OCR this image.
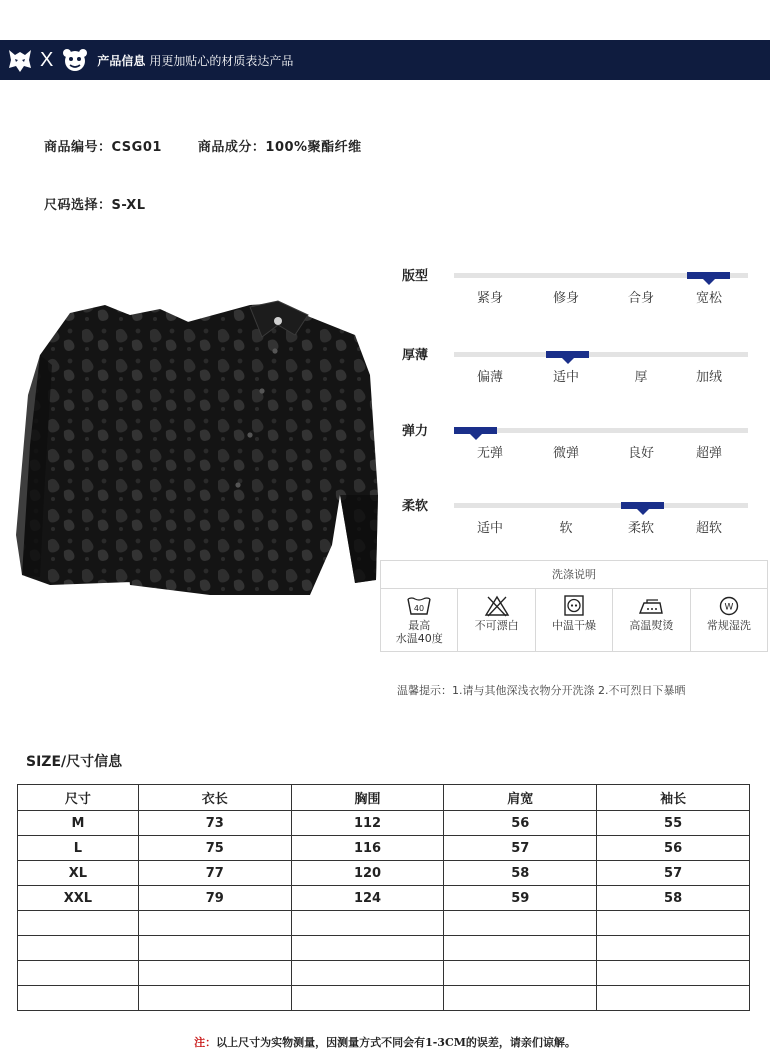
X	产品信息 用更加贴心的材质表达产品
商品编号：CSG01	商品成分：100%聚酯纤维
尺码选择：S-XL
版型
紧身	修身	合身	宽松
厚薄
偏薄	适中	厚	加绒
弹力
无弹	微弹	良好	超弹
柔软
适中	软	柔软	超软
洗涤说明
40
最高
水温40度
不可漂白	中温干燥	高温熨烫
W
常规湿洗
温馨提示：1.请与其他深浅衣物分开洗涤 2.不可烈日下暴晒
SIZE/尺寸信息
尺寸	衣长	胸围	肩宽	袖长
M	73	112	56	55
L	75	116	57	56
XL	77	120	58	57
XXL	79	124	59	58

注：以上尺寸为实物测量，因测量方式不同会有1-3CM的误差，请亲们谅解。
